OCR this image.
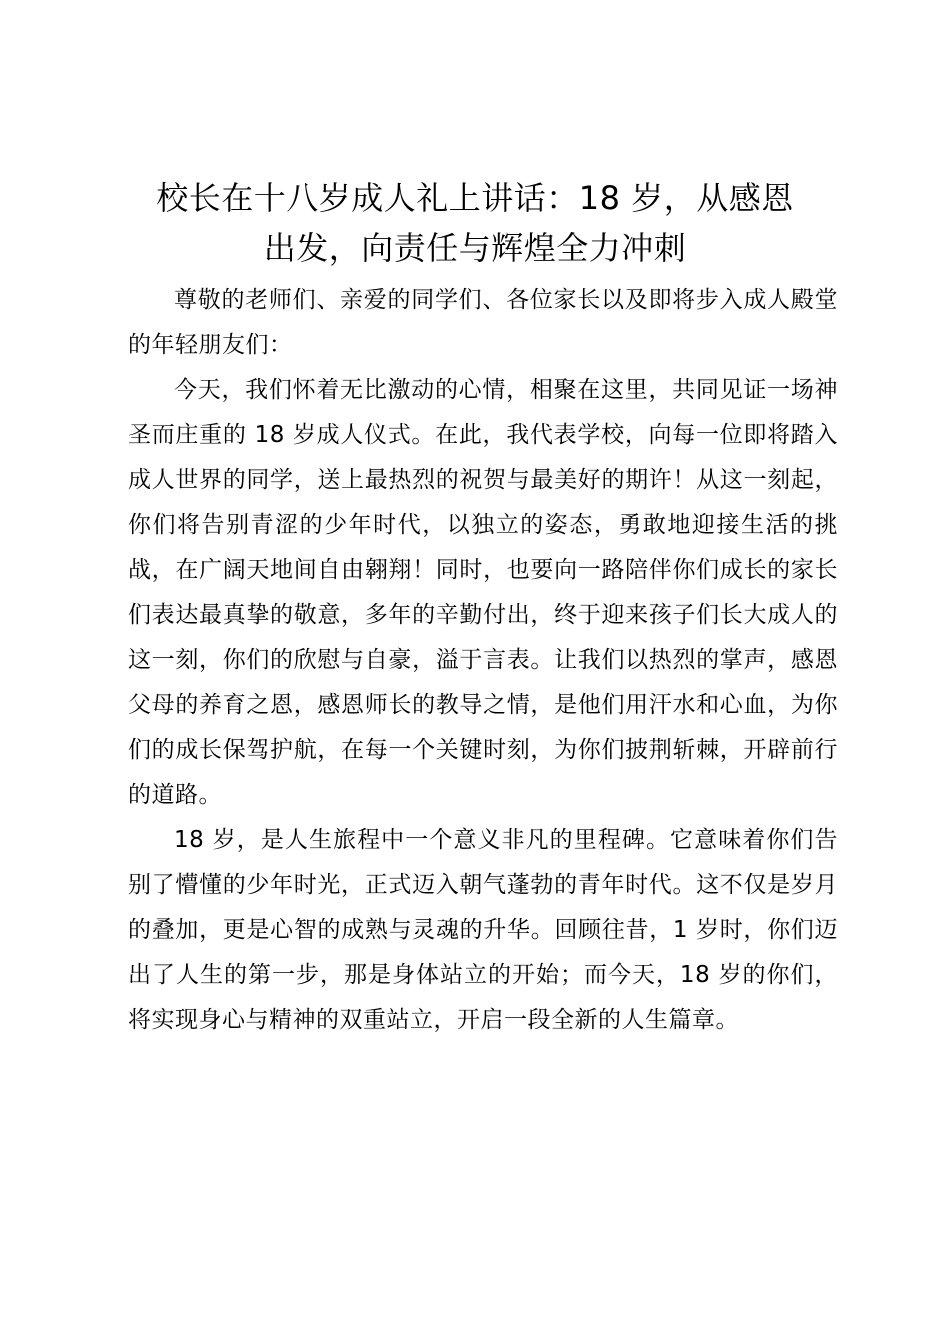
校长在十八岁成人礼上讲话：18 岁，从感恩
出发，向责任与辉煌全力冲刺

尊敬的老师们、亲爱的同学们、各位家长以及即将步入成人殿堂的年轻朋友们：

今天，我们怀着无比激动的心情，相聚在这里，共同见证一场神圣而庄重的 18 岁成人仪式。在此，我代表学校，向每一位即将踏入成人世界的同学，送上最热烈的祝贺与最美好的期许！从这一刻起，你们将告别青涩的少年时代，以独立的姿态，勇敢地迎接生活的挑战，在广阔天地间自由翱翔！同时，也要向一路陪伴你们成长的家长们表达最真挚的敬意，多年的辛勤付出，终于迎来孩子们长大成人的这一刻，你们的欣慰与自豪，溢于言表。让我们以热烈的掌声，感恩父母的养育之恩，感恩师长的教导之情，是他们用汗水和心血，为你们的成长保驾护航，在每一个关键时刻，为你们披荆斩棘，开辟前行的道路。

18 岁，是人生旅程中一个意义非凡的里程碑。它意味着你们告别了懵懂的少年时光，正式迈入朝气蓬勃的青年时代。这不仅是岁月的叠加，更是心智的成熟与灵魂的升华。回顾往昔，1 岁时，你们迈出了人生的第一步，那是身体站立的开始；而今天，18 岁的你们，将实现身心与精神的双重站立，开启一段全新的人生篇章。
